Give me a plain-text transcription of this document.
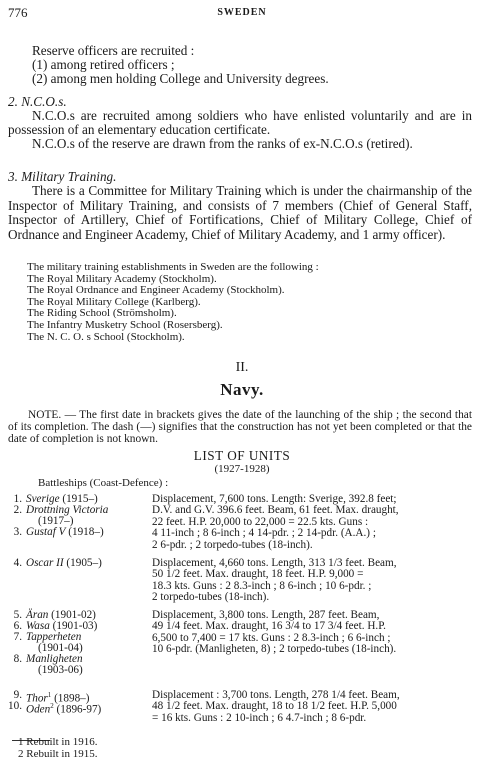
776	SWEDEN
Reserve officers are recruited :
(1) among retired officers ;
(2) among men holding College and University degrees.
2. N.C.O.s.
N.C.O.s are recruited among soldiers who have enlisted voluntarily and are in possession of an elementary education certificate.
N.C.O.s of the reserve are drawn from the ranks of ex-N.C.O.s (retired).
3. Military Training.
There is a Committee for Military Training which is under the chairmanship of the Inspector of Military Training, and consists of 7 members (Chief of General Staff, Inspector of Artillery, Chief of Fortifications, Chief of Military College, Chief of Ordnance and Engineer Academy, Chief of Military Academy, and 1 army officer).
The military training establishments in Sweden are the following :
The Royal Military Academy (Stockholm).
The Royal Ordnance and Engineer Academy (Stockholm).
The Royal Military College (Karlberg).
The Riding School (Strömsholm).
The Infantry Musketry School (Rosersberg).
The N. C. O. s School (Stockholm).
II.
Navy.
NOTE. — The first date in brackets gives the date of the launching of the ship ; the second that of its completion. The dash (—) signifies that the construction has not yet been completed or that the date of completion is not known.
LIST OF UNITS
(1927-1928)
Battleships (Coast-Defence) :
1. Sverige (1915–)
2. Drottning Victoria
(1917–)
3. Gustaf V (1918–)
Displacement, 7,600 tons. Length: Sverige, 392.8 feet;
D.V. and G.V. 396.6 feet. Beam, 61 feet. Max. draught,
22 feet. H.P. 20,000 to 22,000 = 22.5 kts. Guns :
4 11-inch ; 8 6-inch ; 4 14-pdr. ; 2 14-pdr. (A.A.) ;
2 6-pdr. ; 2 torpedo-tubes (18-inch).
4. Oscar II (1905–)	Displacement, 4,660 tons. Length, 313 1/3 feet. Beam,
50 1/2 feet. Max. draught, 18 feet. H.P. 9,000 =
18.3 kts. Guns : 2 8.3-inch ; 8 6-inch ; 10 6-pdr. ;
2 torpedo-tubes (18-inch).
5. Äran (1901-02)
6. Wasa (1901-03)
7. Tapperheten
(1901-04)
8. Manligheten
(1903-06)
Displacement, 3,800 tons. Length, 287 feet. Beam,
49 1/4 feet. Max. draught, 16 3/4 to 17 3/4 feet. H.P.
6,500 to 7,400 = 17 kts. Guns : 2 8.3-inch ; 6 6-inch ;
10 6-pdr. (Manligheten, 8) ; 2 torpedo-tubes (18-inch).
9. Thor$^1$ (1898–)
10. Oden$^2$ (1896-97)
Displacement : 3,700 tons. Length, 278 1/4 feet. Beam,
48 1/2 feet. Max. draught, 18 to 18 1/2 feet. H.P. 5,000
= 16 kts. Guns : 2 10-inch ; 6 4.7-inch ; 8 6-pdr.
1 Rebuilt in 1916.
2 Rebuilt in 1915.
